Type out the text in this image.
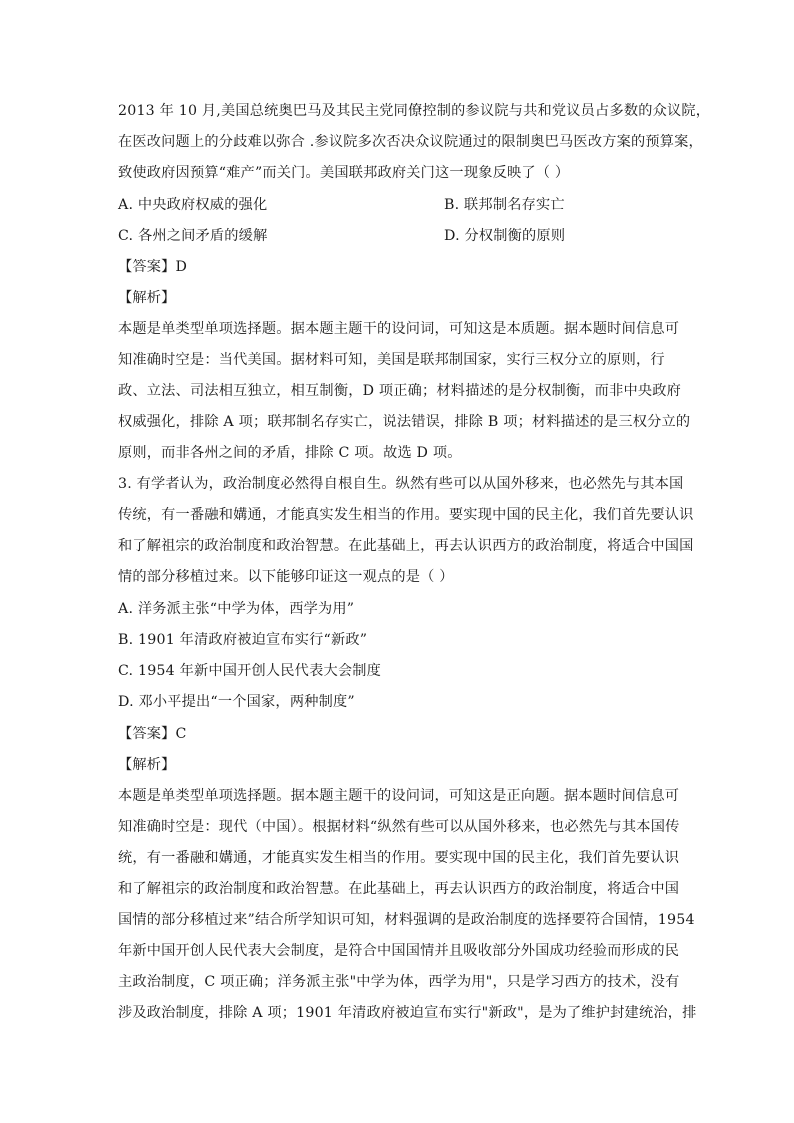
2013 年 10 月,美国总统奥巴马及其民主党同僚控制的参议院与共和党议员占多数的众议院，
在医改问题上的分歧难以弥合 .参议院多次否决众议院通过的限制奥巴马医改方案的预算案，
致使政府因预算“难产”而关门。美国联邦政府关门这一现象反映了（ ）
A. 中央政府权威的强化	B. 联邦制名存实亡
C. 各州之间矛盾的缓解	D. 分权制衡的原则
【答案】D
【解析】
本题是单类型单项选择题。据本题主题干的设问词，可知这是本质题。据本题时间信息可
知准确时空是：当代美国。据材料可知，美国是联邦制国家，实行三权分立的原则，行
政、立法、司法相互独立，相互制衡，D 项正确；材料描述的是分权制衡，而非中央政府
权威强化，排除 A 项；联邦制名存实亡，说法错误，排除 B 项；材料描述的是三权分立的
原则，而非各州之间的矛盾，排除 C 项。故选 D 项。
3. 有学者认为，政治制度必然得自根自生。纵然有些可以从国外移来，也必然先与其本国
传统，有一番融和媾通，才能真实发生相当的作用。要实现中国的民主化，我们首先要认识
和了解祖宗的政治制度和政治智慧。在此基础上，再去认识西方的政治制度，将适合中国国
情的部分移植过来。以下能够印证这一观点的是（ ）
A. 洋务派主张“中学为体，西学为用”
B. 1901 年清政府被迫宣布实行“新政”
C. 1954 年新中国开创人民代表大会制度
D. 邓小平提出“一个国家，两种制度”
【答案】C
【解析】
本题是单类型单项选择题。据本题主题干的设问词，可知这是正向题。据本题时间信息可
知准确时空是：现代（中国）。根据材料“纵然有些可以从国外移来，也必然先与其本国传
统，有一番融和媾通，才能真实发生相当的作用。要实现中国的民主化，我们首先要认识
和了解祖宗的政治制度和政治智慧。在此基础上，再去认识西方的政治制度，将适合中国
国情的部分移植过来”结合所学知识可知，材料强调的是政治制度的选择要符合国情，1954
年新中国开创人民代表大会制度，是符合中国国情并且吸收部分外国成功经验而形成的民
主政治制度，C 项正确；洋务派主张"中学为体，西学为用"，只是学习西方的技术，没有
涉及政治制度，排除 A 项；1901 年清政府被迫宣布实行"新政"，是为了维护封建统治，排
